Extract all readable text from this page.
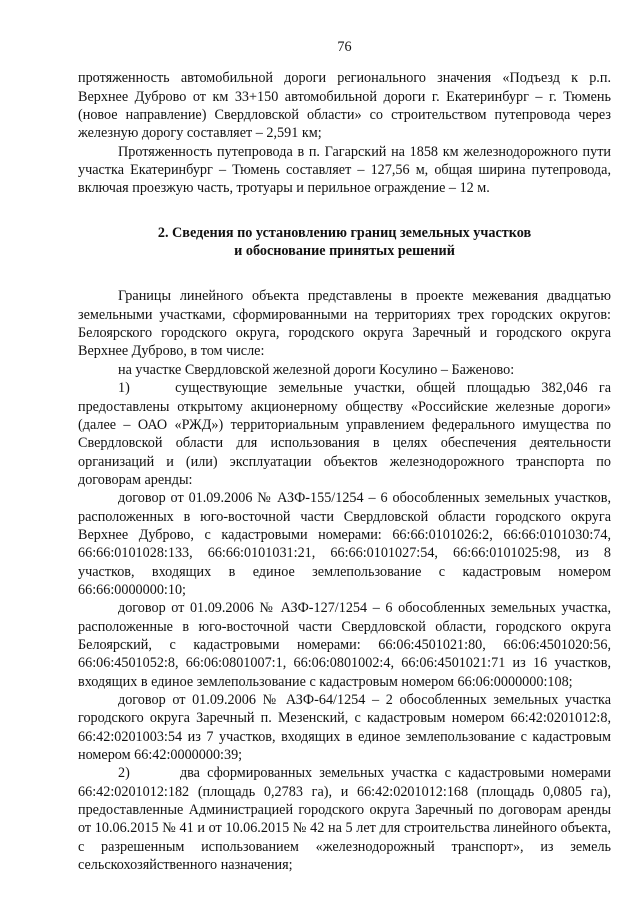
76

протяженность автомобильной дороги регионального значения «Подъезд к р.п. Верхнее Дуброво от км 33+150 автомобильной дороги г. Екатеринбург – г. Тюмень (новое направление) Свердловской области» со строительством путепровода через железную дорогу составляет – 2,591 км;

Протяженность путепровода в п. Гагарский на 1858 км железнодорожного пути участка Екатеринбург – Тюмень составляет – 127,56 м, общая ширина путепровода, включая проезжую часть, тротуары и перильное ограждение – 12 м.

2. Сведения по установлению границ земельных участков
и обоснование принятых решений

Границы линейного объекта представлены в проекте межевания двадцатью земельными участками, сформированными на территориях трех городских округов: Белоярского городского округа, городского округа Заречный и городского округа Верхнее Дуброво, в том числе:

на участке Свердловской железной дороги Косулино – Баженово:

1)    существующие земельные участки, общей площадью 382,046 га предоставлены открытому акционерному обществу «Российские железные дороги» (далее – ОАО «РЖД») территориальным управлением федерального имущества по Свердловской области для использования в целях обеспечения деятельности организаций и (или) эксплуатации объектов железнодорожного транспорта по договорам аренды:

договор от 01.09.2006 № АЗФ-155/1254 – 6 обособленных земельных участков, расположенных в юго-восточной части Свердловской области городского округа Верхнее Дуброво, с кадастровыми номерами: 66:66:0101026:2, 66:66:0101030:74, 66:66:0101028:133, 66:66:0101031:21, 66:66:0101027:54, 66:66:0101025:98, из 8 участков, входящих в единое землепользование с кадастровым номером 66:66:0000000:10;

договор от 01.09.2006 № АЗФ-127/1254 – 6 обособленных земельных участка, расположенные в юго-восточной части Свердловской области, городского округа Белоярский, с кадастровыми номерами: 66:06:4501021:80, 66:06:4501020:56, 66:06:4501052:8, 66:06:0801007:1, 66:06:0801002:4, 66:06:4501021:71 из 16 участков, входящих в единое землепользование с кадастровым номером 66:06:0000000:108;

договор от 01.09.2006 № АЗФ-64/1254 – 2 обособленных земельных участка городского округа Заречный п. Мезенский, с кадастровым номером 66:42:0201012:8, 66:42:0201003:54 из 7 участков, входящих в единое землепользование с кадастровым номером 66:42:0000000:39;

2)       два сформированных земельных участка с кадастровыми номерами 66:42:0201012:182 (площадь 0,2783 га), и 66:42:0201012:168 (площадь 0,0805 га), предоставленные Администрацией городского округа Заречный по договорам аренды от 10.06.2015 № 41 и от 10.06.2015 № 42 на 5 лет для строительства линейного объекта, с разрешенным использованием «железнодорожный транспорт», из земель сельскохозяйственного назначения;
